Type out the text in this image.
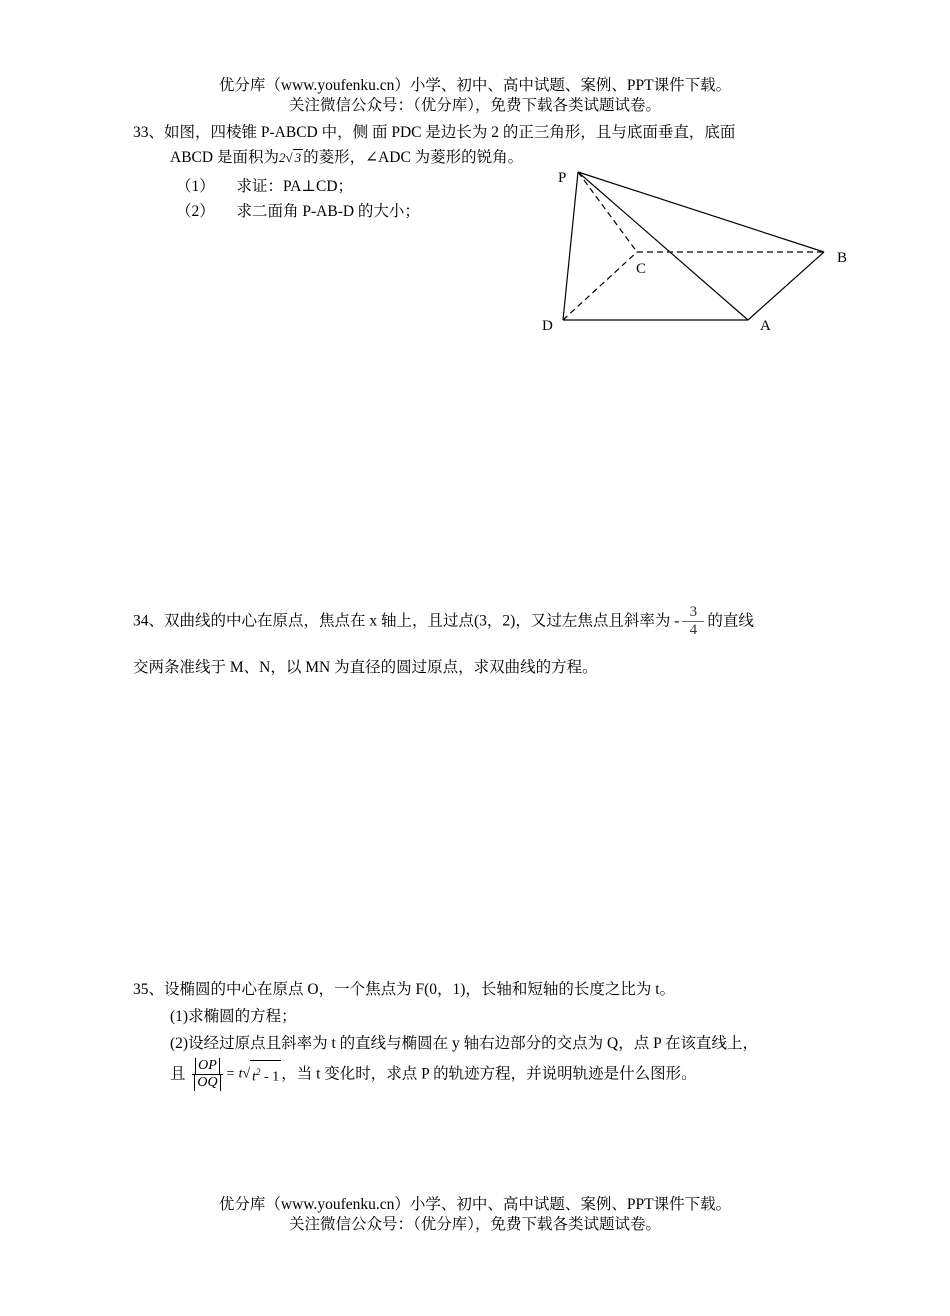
优分库（www.youfenku.cn）小学、初中、高中试题、案例、PPT课件下载。
关注微信公众号：（优分库），免费下载各类试题试卷。
33、如图，四棱锥 P-ABCD 中，侧 面 PDC 是边长为 2 的正三角形，且与底面垂直，底面
ABCD 是面积为2√ 3 的菱形，∠ADC 为菱形的锐角。
（1） 求证：PA⊥CD；
（2） 求二面角 P-AB-D 的大小；
P
B
C
D	A
34、双曲线的中心在原点，焦点在 x 轴上，且过点(3，2)，又过左焦点且斜率为 - $\frac{3}{4}$ 的直线
交两条准线于 M、N，以 MN 为直径的圆过原点，求双曲线的方程。
35、设椭圆的中心在原点 O，一个焦点为 F(0，1)，长轴和短轴的长度之比为 t。
(1)求椭圆的方程；
(2)设经过原点且斜率为 t 的直线与椭圆在 y 轴右边部分的交点为 Q，点 P 在该直线上，
且 $\frac{OP}{OQ} = t√$ $t^2 - 1$ ，当 t 变化时，求点 P 的轨迹方程，并说明轨迹是什么图形。
优分库（www.youfenku.cn）小学、初中、高中试题、案例、PPT课件下载。
关注微信公众号：（优分库），免费下载各类试题试卷。
